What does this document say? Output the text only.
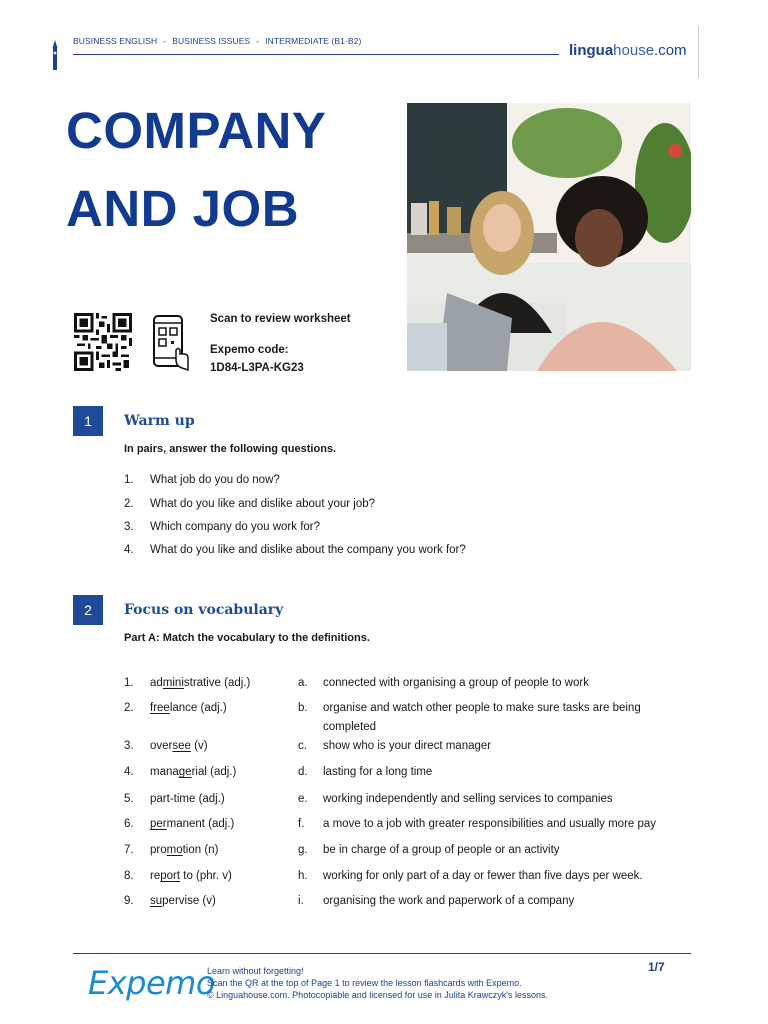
BUSINESS ENGLISH - BUSINESS ISSUES - INTERMEDIATE (B1-B2)
linguahouse.com
COMPANY
AND JOB
Scan to review worksheet
Expemo code:
1D84-L3PA-KG23
1	Warm up
In pairs, answer the following questions.
1. What job do you do now?
2. What do you like and dislike about your job?
3. Which company do you work for?
4. What do you like and dislike about the company you work for?
2	Focus on vocabulary
Part A: Match the vocabulary to the definitions.
1. administrative (adj.)	a. connected with organising a group of people to work
2. freelance (adj.)	b. organise and watch other people to make sure tasks are being completed
3. oversee (v)	c. show who is your direct manager
4. managerial (adj.)	d. lasting for a long time
5. part-time (adj.)	e. working independently and selling services to companies
6. permanent (adj.)	f. a move to a job with greater responsibilities and usually more pay
7. promotion (n)	g. be in charge of a group of people or an activity
8. report to (phr. v)	h. working for only part of a day or fewer than five days per week.
9. supervise (v)	i. organising the work and paperwork of a company
Expemo
Learn without forgetting!
Scan the QR at the top of Page 1 to review the lesson flashcards with Expemo.
© Linguahouse.com. Photocopiable and licensed for use in Julita Krawczyk's lessons.
1/7
